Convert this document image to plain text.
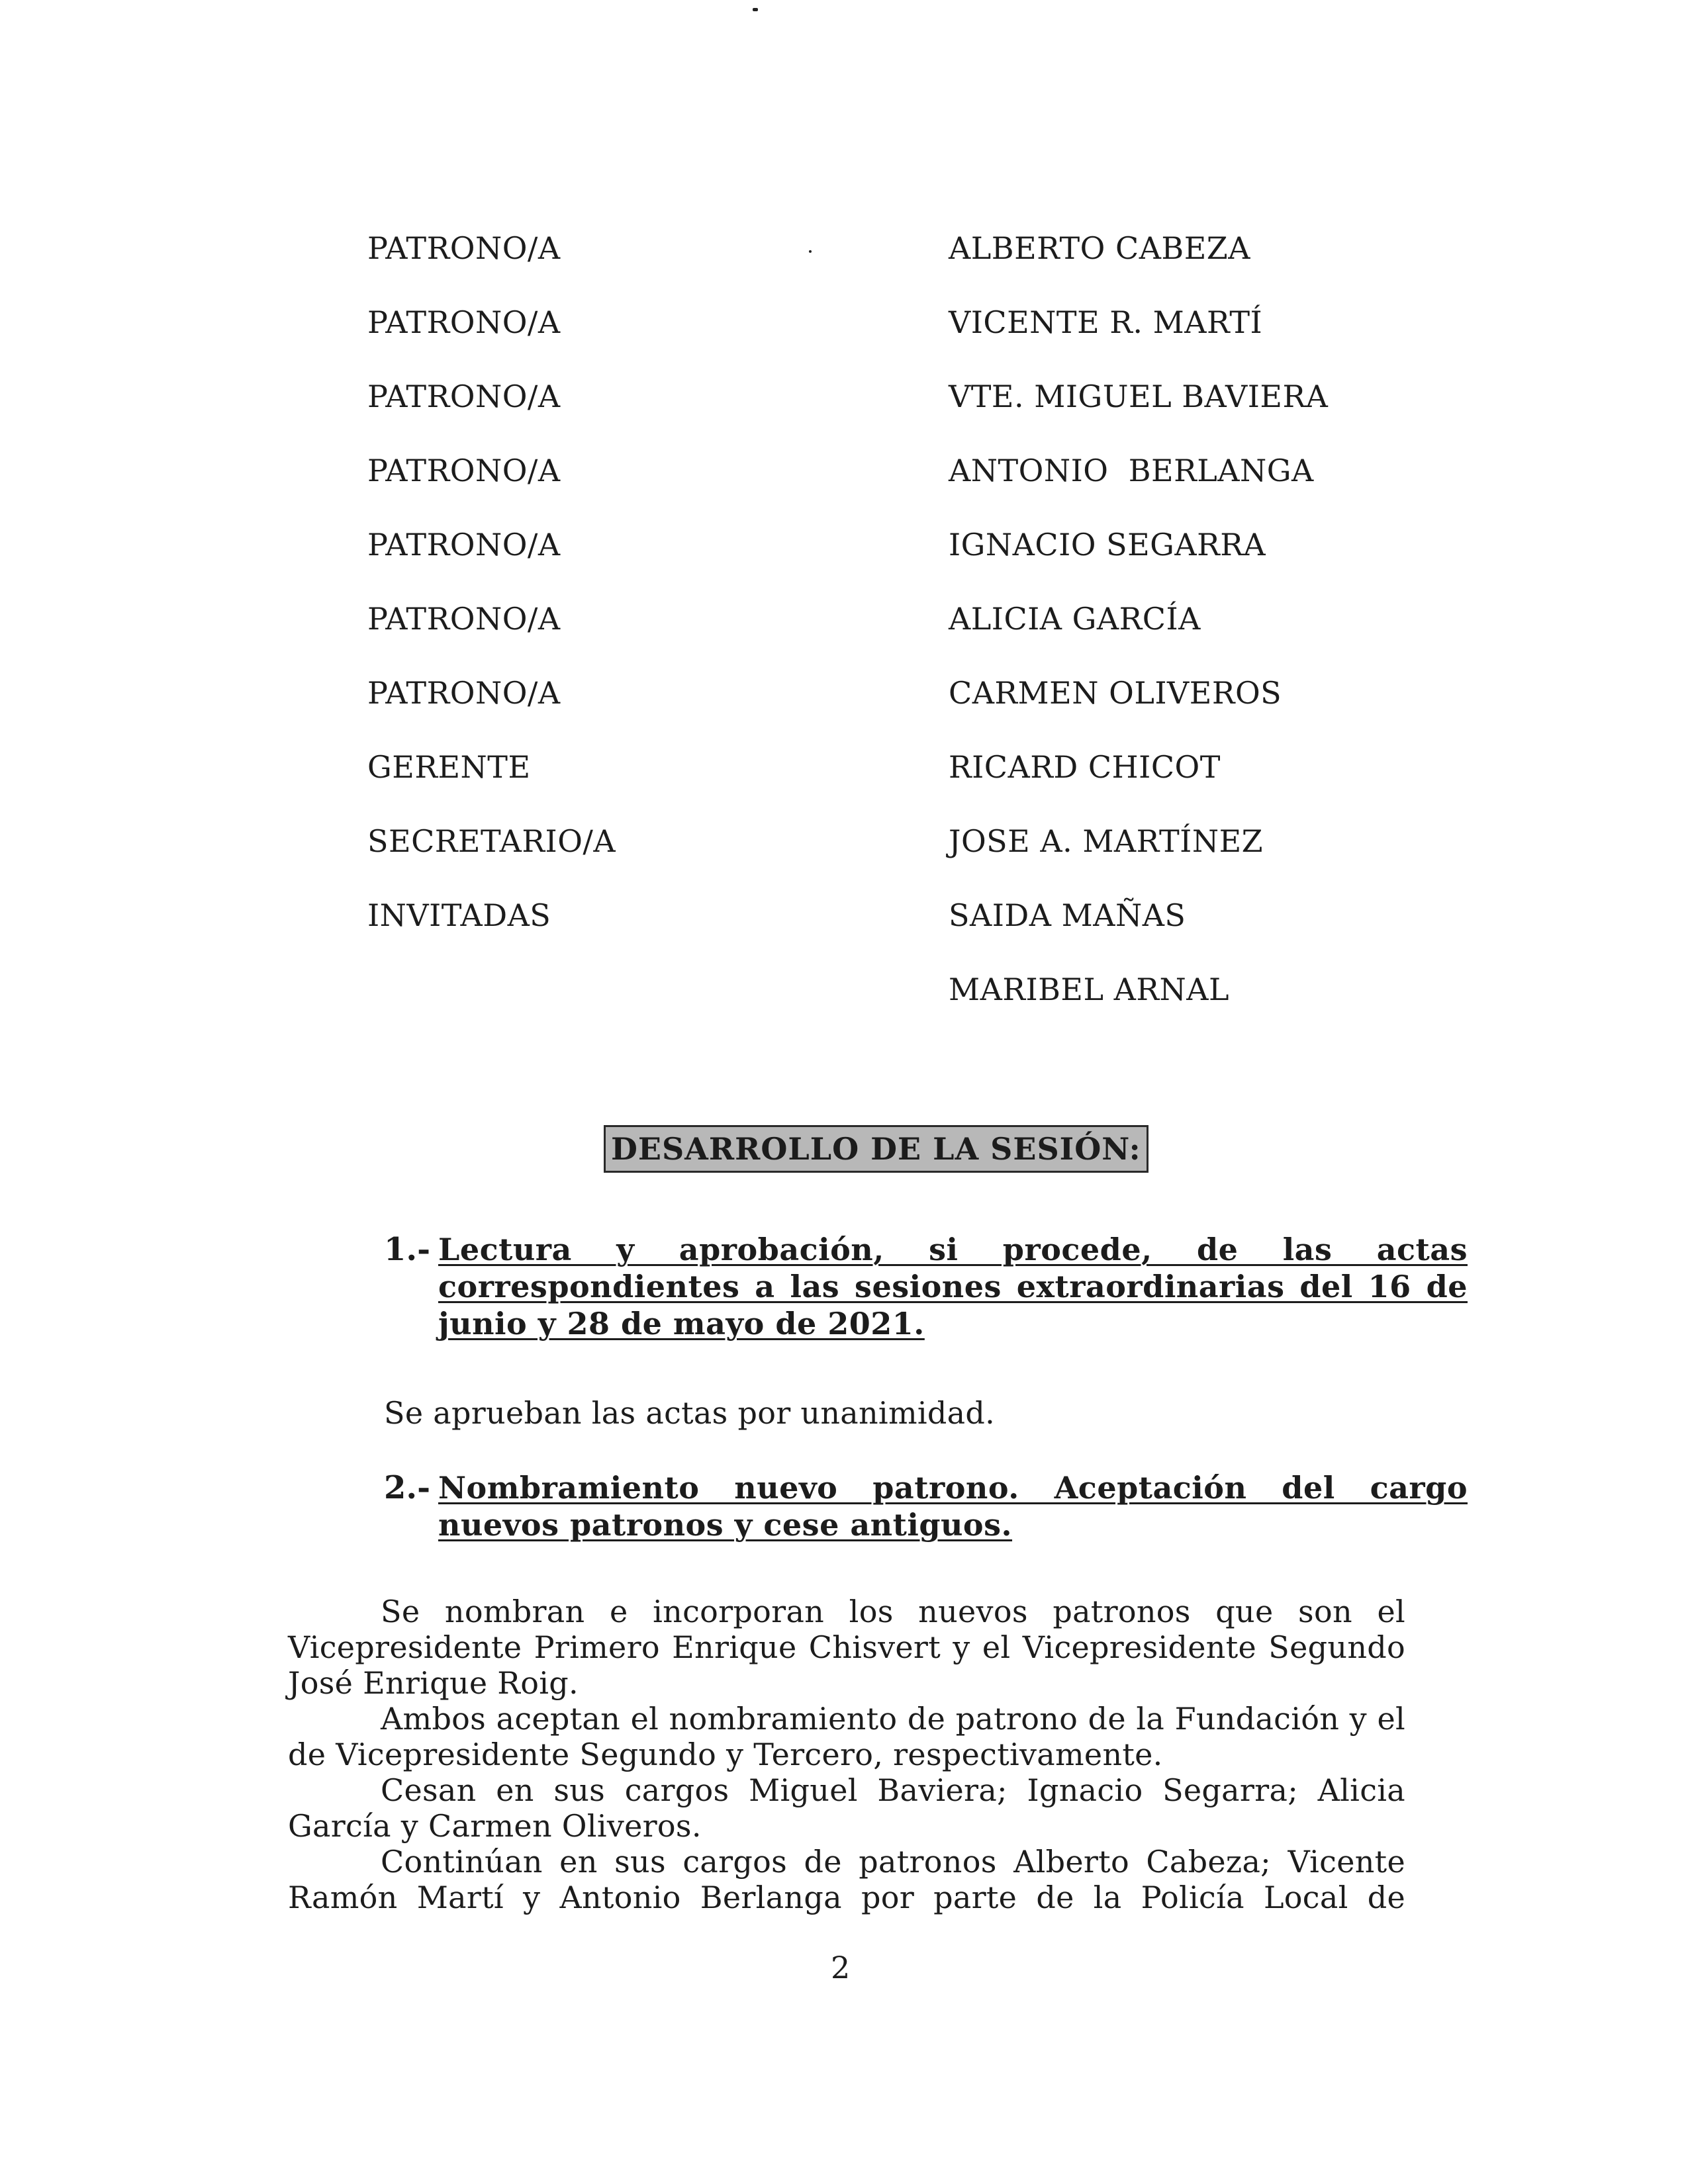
PATRONO/A	ALBERTO CABEZA
PATRONO/A	VICENTE R. MARTÍ
PATRONO/A	VTE. MIGUEL BAVIERA
PATRONO/A	ANTONIO  BERLANGA
PATRONO/A	IGNACIO SEGARRA
PATRONO/A	ALICIA GARCÍA
PATRONO/A	CARMEN OLIVEROS
GERENTE	RICARD CHICOT
SECRETARIO/A	JOSE A. MARTÍNEZ
INVITADAS	SAIDA MAÑAS
MARIBEL ARNAL
DESARROLLO DE LA SESIÓN:
1.- Lectura y aprobación, si procede, de las actas correspondientes a las sesiones extraordinarias del 16 de junio y 28 de mayo de 2021.
Se aprueban las actas por unanimidad.
2.- Nombramiento nuevo patrono. Aceptación del cargo nuevos patronos y cese antiguos.

Se nombran e incorporan los nuevos patronos que son el Vicepresidente Primero Enrique Chisvert y el Vicepresidente Segundo José Enrique Roig.

Ambos aceptan el nombramiento de patrono de la Fundación y el de Vicepresidente Segundo y Tercero, respectivamente.

Cesan en sus cargos Miguel Baviera; Ignacio Segarra; Alicia García y Carmen Oliveros.

Continúan en sus cargos de patronos Alberto Cabeza; Vicente Ramón Martí y Antonio Berlanga por parte de la Policía Local de

2
